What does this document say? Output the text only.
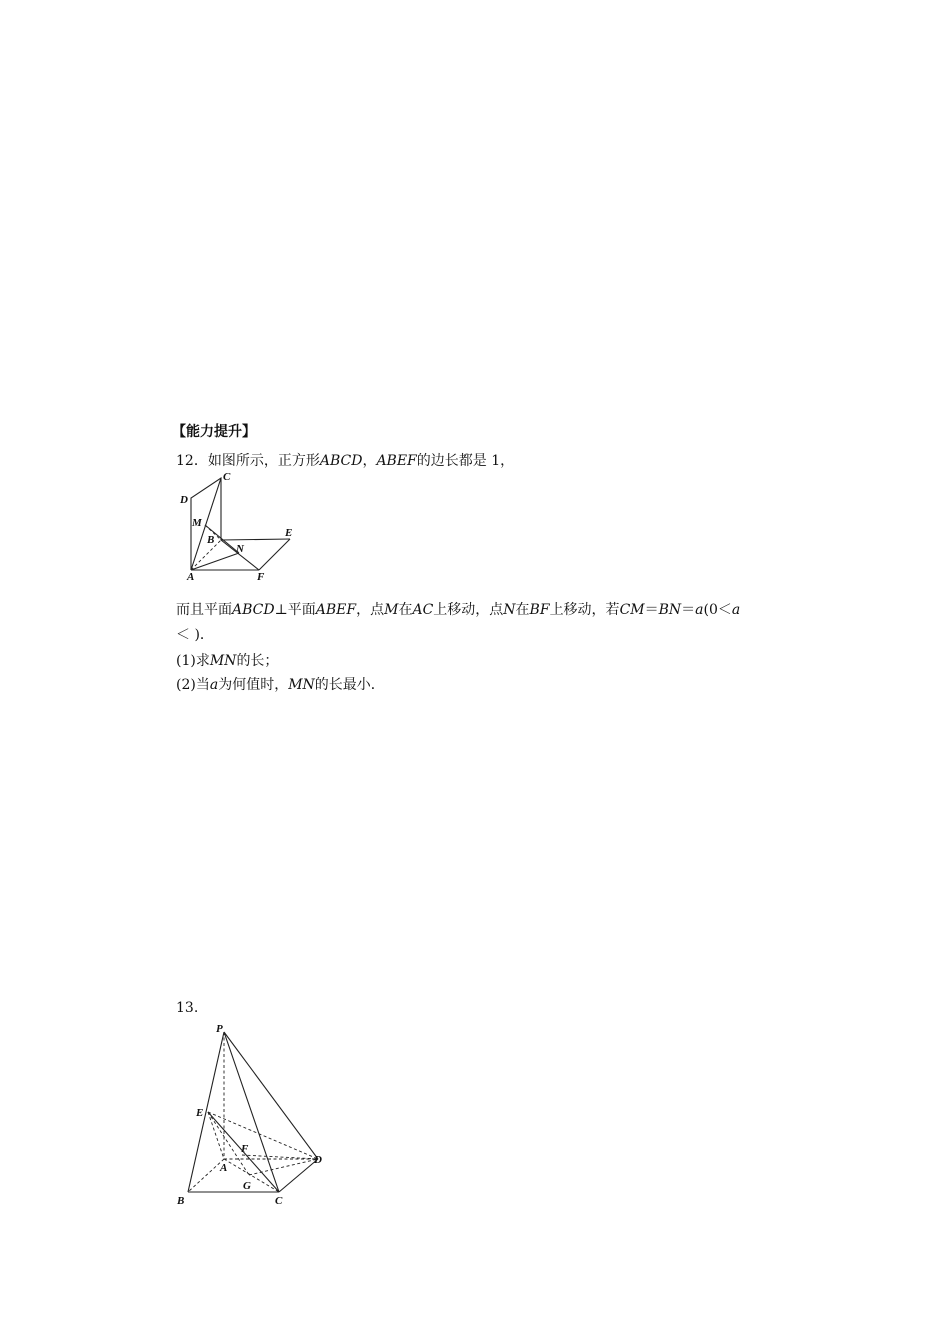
【能力提升】
12．如图所示，正方形ABCD，ABEF的边长都是 1，
C
D
M
B
N
E
A	F
而且平面ABCD⊥平面ABEF，点M在AC上移动，点N在BF上移动，若CM＝BN＝a(0＜a
＜ )．
(1)求MN的长；
(2)当a为何值时，MN的长最小．
13.
P
E
F
A
D
G
B	C
